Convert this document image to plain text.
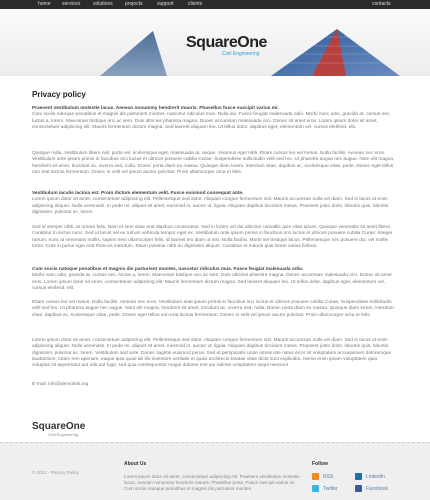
home services	solutions projects	support	clients	contacts
SquareOne
Civil Engineering
Privacy policy
Praesent vestibulum molestie lacus. Aenean nonummy hendrerit mauris. Phasellus fusce suscipit varius mi.
Cum sociis natoque penatibus et magnis dis parturient montes, nascetur ridiculus mus. Nulla dui. Fusce feugiat malesuada odio. Morbi nunc odio, gravida at, cursus nec, luctus a, lorem. Maecenas tristique orci ac sem. Duis ultricies pharetra magna. Donec accumsan malesuada orci. Donec sit amet eros. Lorem ipsum dolor sit amet, consectetuer adipiscing elit. Mauris fermentum dictum magna. Sed laoreet aliquam leo. Ut tellus dolor, dapibus eget, elementum vel, cursus eleifend, elit.
Quisque nulla. Vestibulum libero nisl, porta vel, scelerisque eget, malesuada at, neque. Vivamus eget nibh. Etiam cursus leo vel metus. Nulla facilisi. Aenean nec eros. Vestibulum ante ipsum primis in faucibus orci luctus et ultrices posuere cubilia Curae; Suspendisse sollicitudin velit sed leo. Ut pharetra augue nec augue. Nam elit magna, hendrerit sit amet, tincidunt ac, viverra sed, nulla. Donec porta diam eu massa. Quisque diam lorem, interdum vitae, dapibus ac, scelerisque vitae, pede. Donec eget tellus non erat lacinia fermentum. Donec in velit vel ipsum auctor pulvinar. Proin ullamcorper urna et felis.
Vestibulum iaculis lacinia est. Proin dictum elementum velit. Fusce euismod consequat ante.
Lorem ipsum dolor sit amet, consectetuer adipiscing elit. Pellentesque sed dolor. Aliquam congue fermentum nisl. Mauris accumsan nulla vel diam. Sed in lacus ut enim adipiscing aliquet. Nulla venenatis. In pede mi, aliquet sit amet, euismod in, auctor ut, ligula. Aliquam dapibus tincidunt metus. Praesent justo dolor, lobortis quis, lobortis dignissim, pulvinar ac, lorem.
Sed id semper nibh, at ornare felis. Nam et sem vitae erat dapibus consectetur. Sed in lorem vel dui ultricies convallis quis vitae ipsum. Quisque venenatis sit amet libero. Curabitur in lectus nunc. Sed ut lacus vel ex rutrum vehicula tempor eget ex. Vestibulum ante ipsum primis in faucibus orci luctus et ultrices posuere cubilia Curae; Integer rutrum, nunc at venenatis mollis, sapien sem ullamcorper felis, id laoreet leo diam ut nisi. Nulla facilisi. Morbi vel tristique lacus. Pellentesque nec posuere dui, vel mollis tortor. Cras in purus eget erat rhoncus interdum. Etiam pulvinar nibh eu dignissim aliquet. Curabitur et mauris quis lorem varius finibus.
Cum sociis natoque penatibus et magnis dis parturient montes, nascetur ridiculus mus. Fusce feugiat malesuada odio.
Morbi nunc odio, gravida at, cursus nec, luctus a, lorem. Maecenas tristique orci ac sem. Duis ultricies pharetra magna. Donec accumsan malesuada orci. Donec sit amet eros. Lorem ipsum dolor sit amet, consectetuer adipiscing elit. Mauris fermentum dictum magna. Sed laoreet aliquam leo. Ut tellus dolor, dapibus eget, elementum vel, cursus eleifend, elit.
Etiam cursus leo vel metus. Nulla facilisi. Aenean nec eros. Vestibulum ante ipsum primis in faucibus orci luctus et ultrices posuere cubilia Curae; Suspendisse sollicitudin velit sed leo. Ut pharetra augue nec augue. Nam elit magna, hendrerit sit amet, tincidunt ac, viverra sed, nulla. Donec porta diam eu massa. Quisque diam lorem, interdum vitae, dapibus ac, scelerisque vitae, pede. Donec eget tellus non erat lacinia fermentum. Donec in velit vel ipsum auctor pulvinar. Proin ullamcorper urna et felis.
Lorem ipsum dolor sit amet, consectetuer adipiscing elit. Pellentesque sed dolor. Aliquam congue fermentum nisl. Mauris accumsan nulla vel diam. Sed in lacus ut enim adipiscing aliquet. Nulla venenatis. In pede mi, aliquet sit amet, euismod in, auctor ut, ligula. Aliquam dapibus tincidunt metus. Praesent justo dolor, lobortis quis, lobortis dignissim, pulvinar ac, lorem. Vestibulum sed ante. Donec sagittis euismod purus. Sed ut perspiciatis unde omnis iste natus error sit voluptatem accusantium doloremque laudantium, totam rem aperiam, eaque ipsa quae ab illo inventore veritatis et quasi architecto beatae vitae dicta sunt explicabo. Nemo enim ipsam voluptatem quia voluptas sit aspernatur aut odit aut fugit, sed quia consequuntur magni dolores eos qui ratione voluptatem sequi nesciunt.
E-mail: info@demolink.org
SquareOne
Civil Engineering
© 2012 · Privacy Policy
About Us
Lorem ipsum dolor sit amet, consectetuer adipiscing elit. Praesent vestibulum molestie lacus. Aenean nonummy hendrerit mauris. Phasellus porta. Fusce suscipit varius mi. Cum sociis natoque penatibus et magnis dis parturient montes.
Follow
RSS	LinkedIn
Twitter	Facebook
